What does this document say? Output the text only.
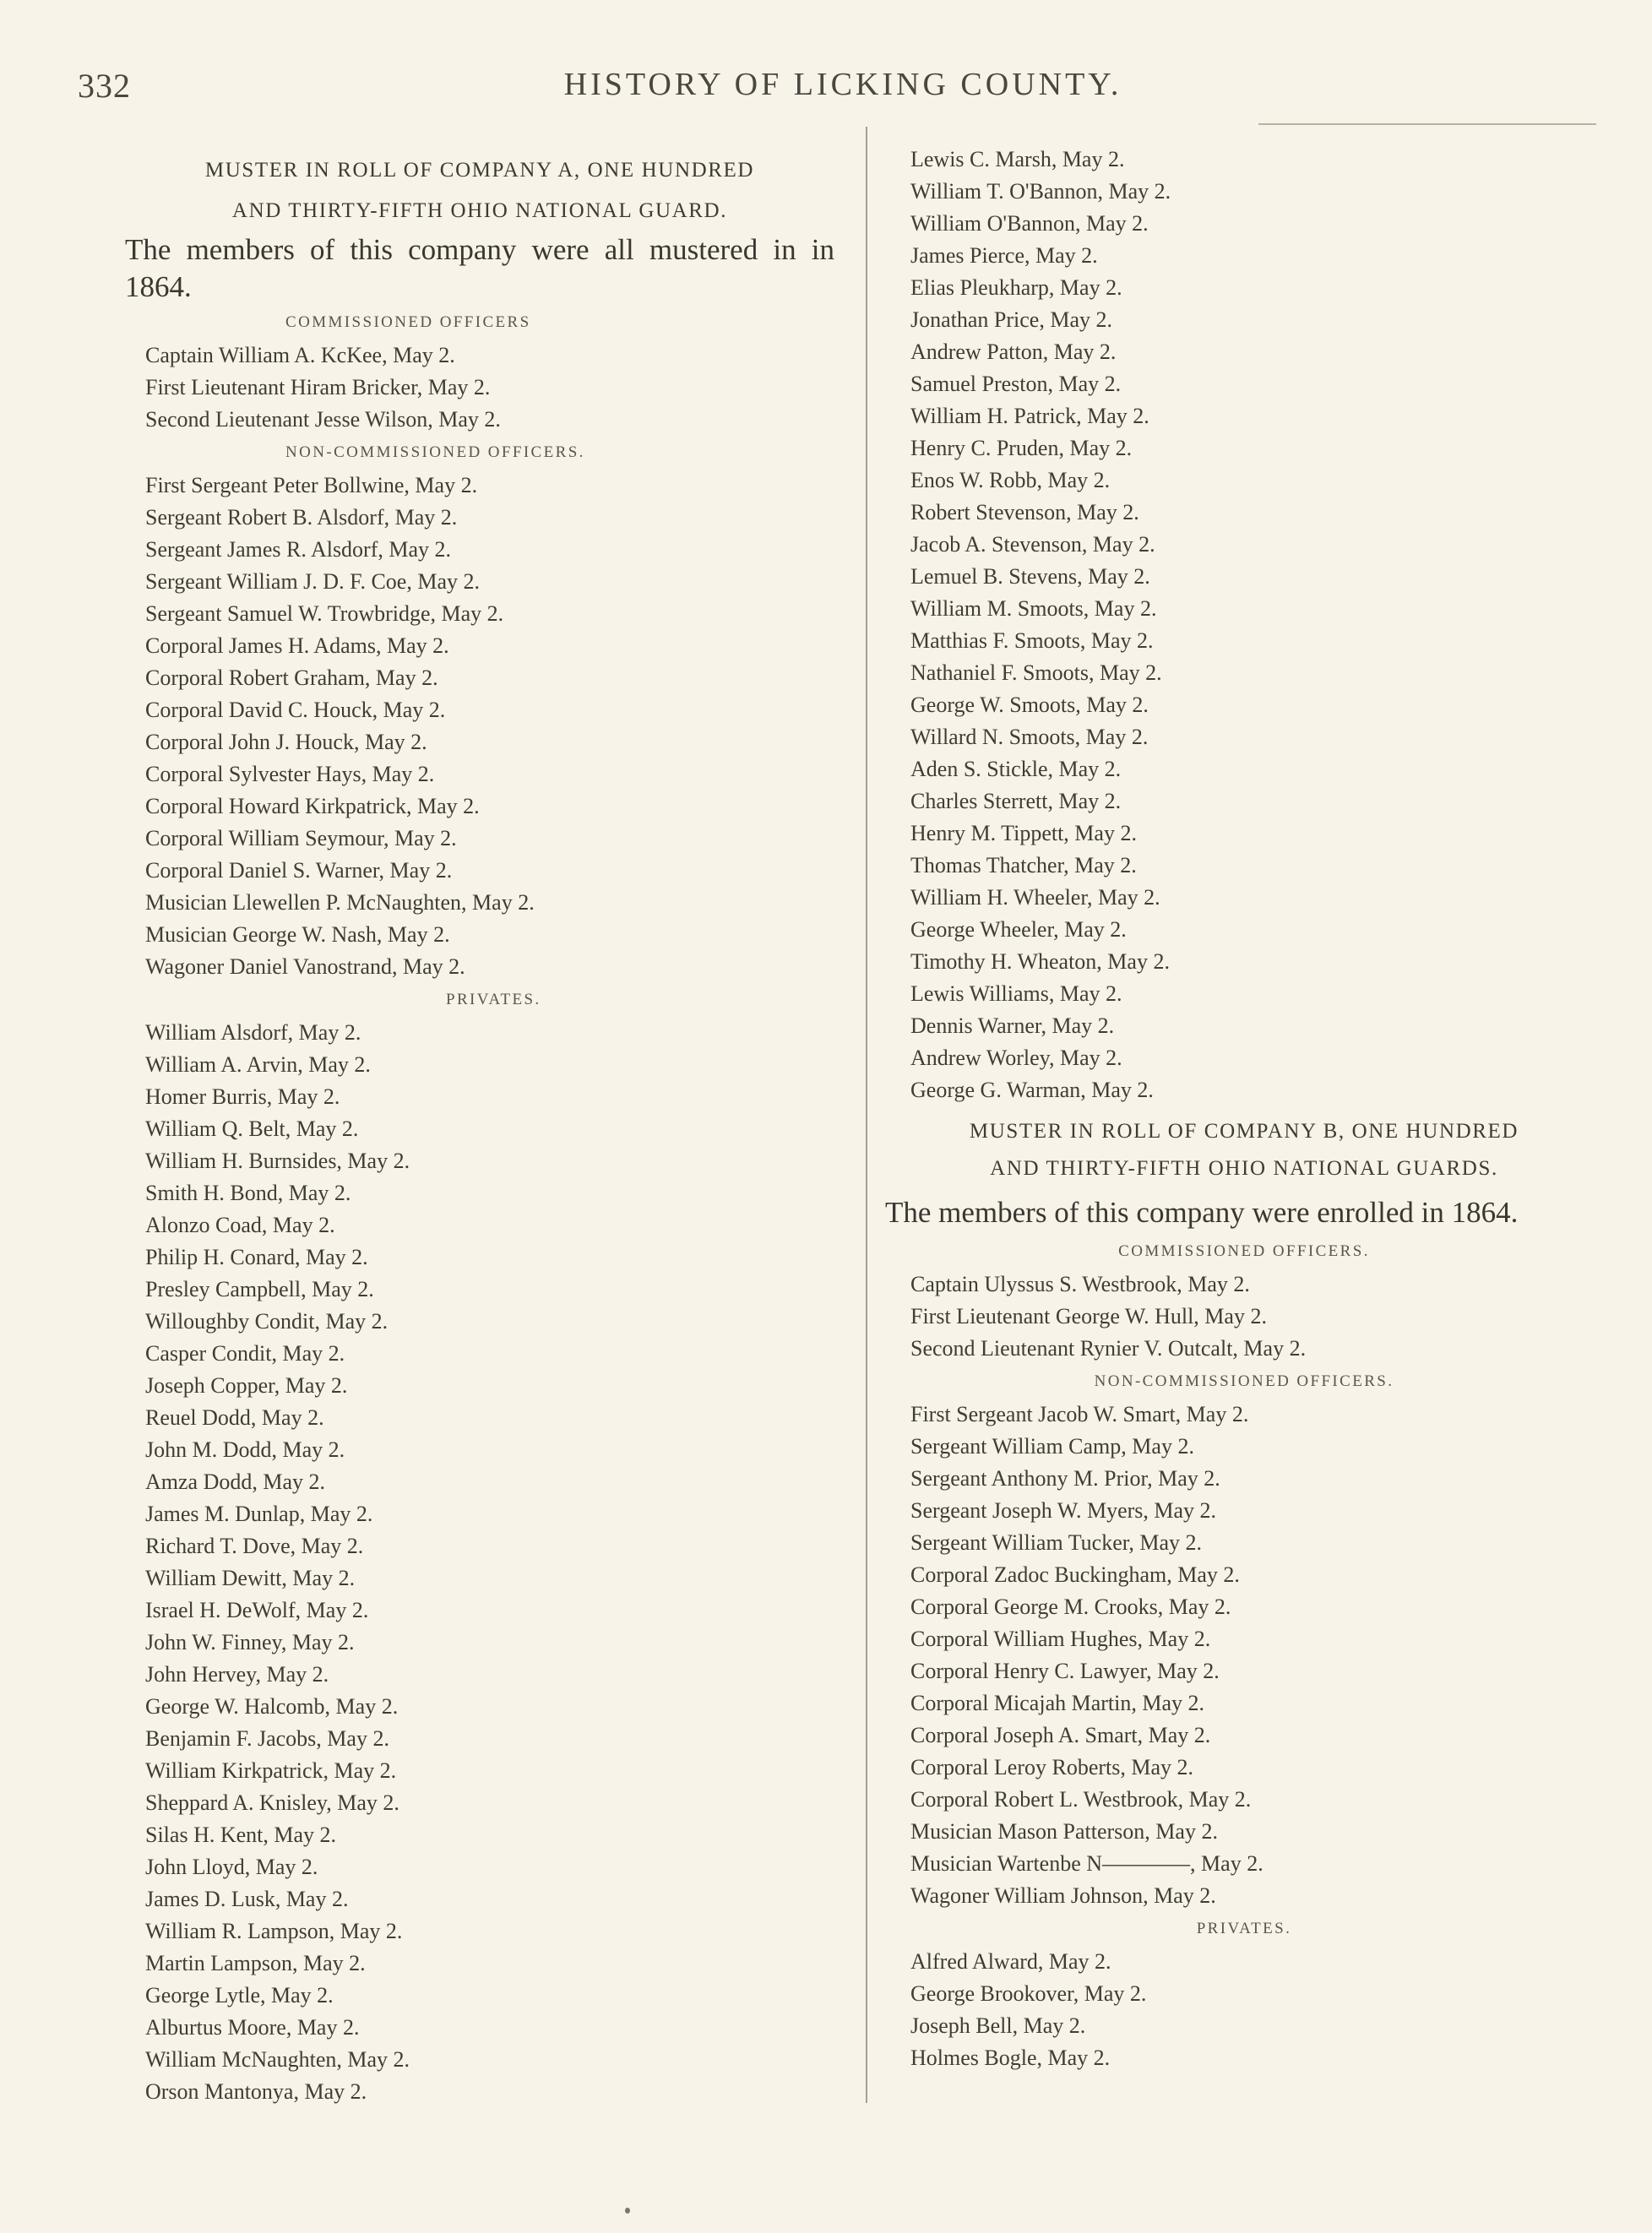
332	HISTORY OF LICKING COUNTY.
MUSTER IN ROLL OF COMPANY A, ONE HUNDRED
AND THIRTY-FIFTH OHIO NATIONAL GUARD.

The members of this company were all mustered in in 1864.

COMMISSIONED OFFICERS
Captain William A. KcKee, May 2.
First Lieutenant Hiram Bricker, May 2.
Second Lieutenant Jesse Wilson, May 2.
NON-COMMISSIONED OFFICERS.
First Sergeant Peter Bollwine, May 2.
Sergeant Robert B. Alsdorf, May 2.
Sergeant James R. Alsdorf, May 2.
Sergeant William J. D. F. Coe, May 2.
Sergeant Samuel W. Trowbridge, May 2.
Corporal James H. Adams, May 2.
Corporal Robert Graham, May 2.
Corporal David C. Houck, May 2.
Corporal John J. Houck, May 2.
Corporal Sylvester Hays, May 2.
Corporal Howard Kirkpatrick, May 2.
Corporal William Seymour, May 2.
Corporal Daniel S. Warner, May 2.
Musician Llewellen P. McNaughten, May 2.
Musician George W. Nash, May 2.
Wagoner Daniel Vanostrand, May 2.
PRIVATES.
William Alsdorf, May 2.
William A. Arvin, May 2.
Homer Burris, May 2.
William Q. Belt, May 2.
William H. Burnsides, May 2.
Smith H. Bond, May 2.
Alonzo Coad, May 2.
Philip H. Conard, May 2.
Presley Campbell, May 2.
Willoughby Condit, May 2.
Casper Condit, May 2.
Joseph Copper, May 2.
Reuel Dodd, May 2.
John M. Dodd, May 2.
Amza Dodd, May 2.
James M. Dunlap, May 2.
Richard T. Dove, May 2.
William Dewitt, May 2.
Israel H. DeWolf, May 2.
John W. Finney, May 2.
John Hervey, May 2.
George W. Halcomb, May 2.
Benjamin F. Jacobs, May 2.
William Kirkpatrick, May 2.
Sheppard A. Knisley, May 2.
Silas H. Kent, May 2.
John Lloyd, May 2.
James D. Lusk, May 2.
William R. Lampson, May 2.
Martin Lampson, May 2.
George Lytle, May 2.
Alburtus Moore, May 2.
William McNaughten, May 2.
Orson Mantonya, May 2.
Lewis C. Marsh, May 2.
William T. O'Bannon, May 2.
William O'Bannon, May 2.
James Pierce, May 2.
Elias Pleukharp, May 2.
Jonathan Price, May 2.
Andrew Patton, May 2.
Samuel Preston, May 2.
William H. Patrick, May 2.
Henry C. Pruden, May 2.
Enos W. Robb, May 2.
Robert Stevenson, May 2.
Jacob A. Stevenson, May 2.
Lemuel B. Stevens, May 2.
William M. Smoots, May 2.
Matthias F. Smoots, May 2.
Nathaniel F. Smoots, May 2.
George W. Smoots, May 2.
Willard N. Smoots, May 2.
Aden S. Stickle, May 2.
Charles Sterrett, May 2.
Henry M. Tippett, May 2.
Thomas Thatcher, May 2.
William H. Wheeler, May 2.
George Wheeler, May 2.
Timothy H. Wheaton, May 2.
Lewis Williams, May 2.
Dennis Warner, May 2.
Andrew Worley, May 2.
George G. Warman, May 2.
MUSTER IN ROLL OF COMPANY B, ONE HUNDRED
AND THIRTY-FIFTH OHIO NATIONAL GUARDS.

The members of this company were enrolled in 1864.

COMMISSIONED OFFICERS.
Captain Ulyssus S. Westbrook, May 2.
First Lieutenant George W. Hull, May 2.
Second Lieutenant Rynier V. Outcalt, May 2.
NON-COMMISSIONED OFFICERS.
First Sergeant Jacob W. Smart, May 2.
Sergeant William Camp, May 2.
Sergeant Anthony M. Prior, May 2.
Sergeant Joseph W. Myers, May 2.
Sergeant William Tucker, May 2.
Corporal Zadoc Buckingham, May 2.
Corporal George M. Crooks, May 2.
Corporal William Hughes, May 2.
Corporal Henry C. Lawyer, May 2.
Corporal Micajah Martin, May 2.
Corporal Joseph A. Smart, May 2.
Corporal Leroy Roberts, May 2.
Corporal Robert L. Westbrook, May 2.
Musician Mason Patterson, May 2.
Musician Wartenbe N————, May 2.
Wagoner William Johnson, May 2.
PRIVATES.
Alfred Alward, May 2.
George Brookover, May 2.
Joseph Bell, May 2.
Holmes Bogle, May 2.
